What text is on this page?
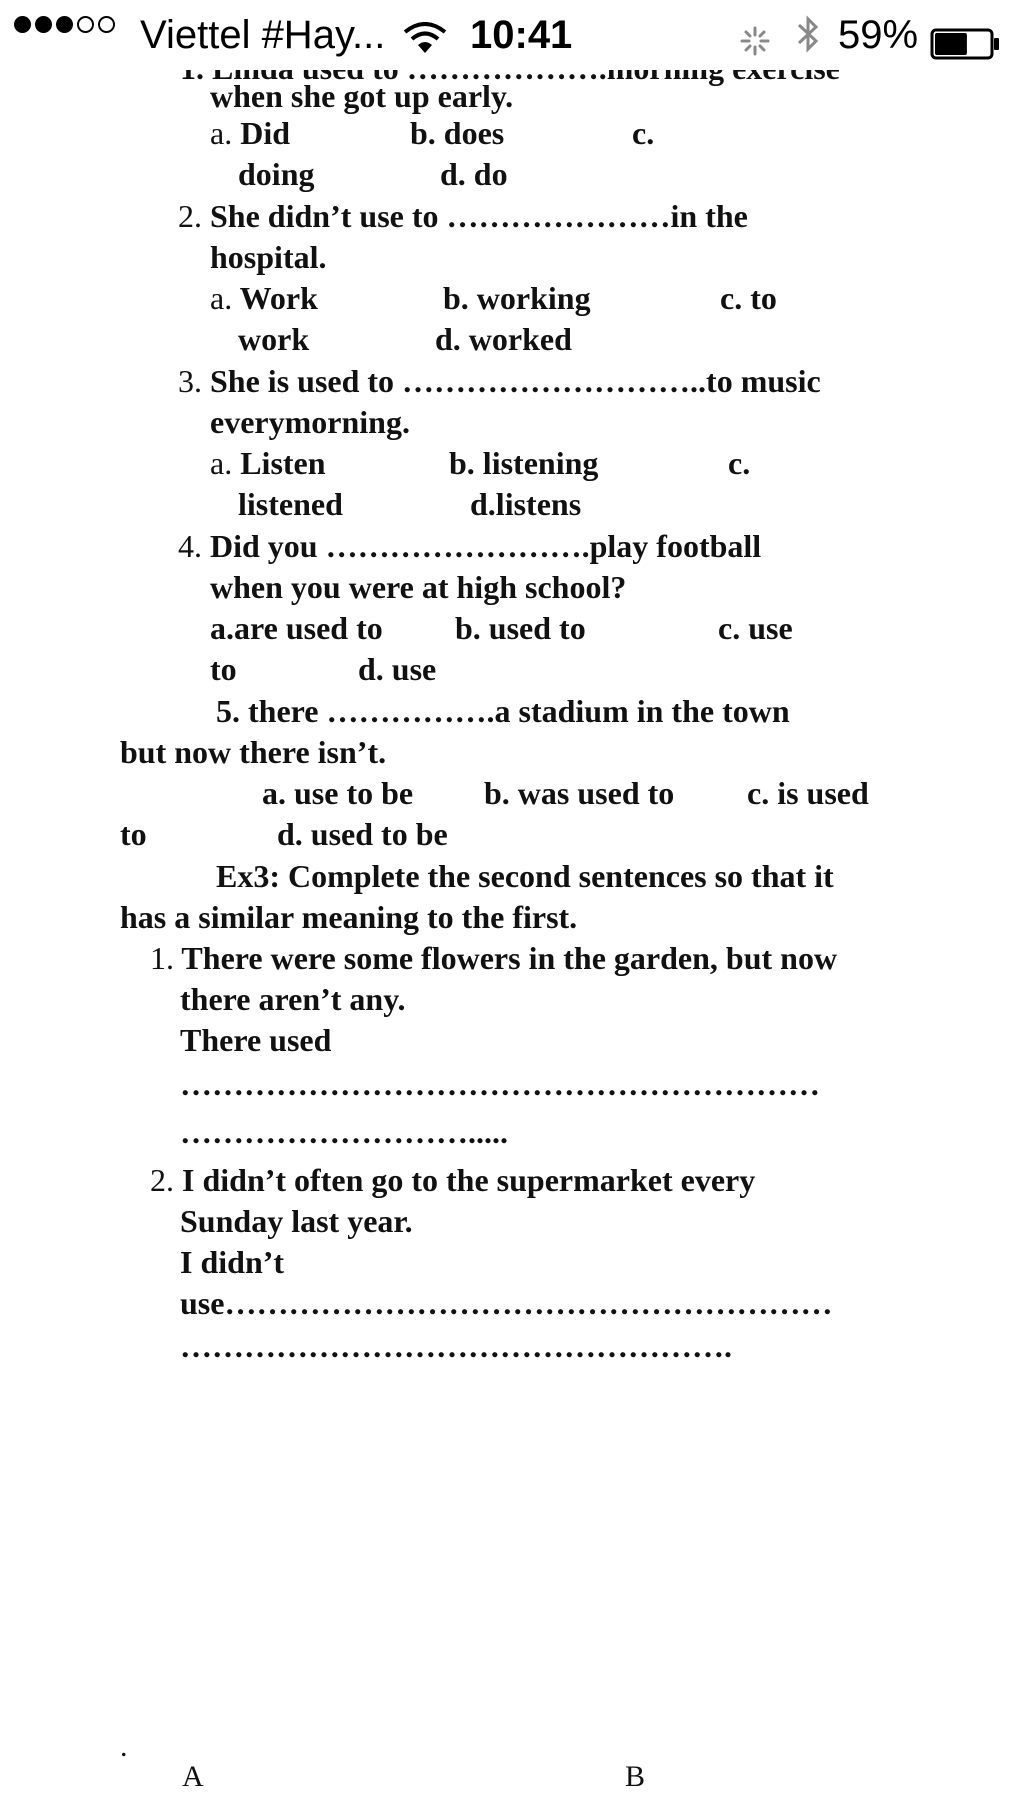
Viettel #Hay... 10:41	59%
when she got up early.
a. Did	b. does	c.
doing	d. do
2. She didn’t use to …………………in the
hospital.
a. Work	b. working	c. to
work	d. worked
3. She is used to ………………………..to music
everymorning.
a. Listen	b. listening	c.
listened	d.listens
4. Did you …………………….play football
when you were at high school?
a.are used to b. used to	c. use
to	d. use
5. there …………….a stadium in the town
but now there isn’t.
a. use to be b. was used to c. is used
to	d. used to be
Ex3: Complete the second sentences so that it
has a similar meaning to the first.
1. There were some flowers in the garden, but now
there aren’t any.
There used
……………………………………………………
……………………….....
2. I didn’t often go to the supermarket every
Sunday last year.
I didn’t
use…………………………………………………
…………………………………………….
.
A	B
